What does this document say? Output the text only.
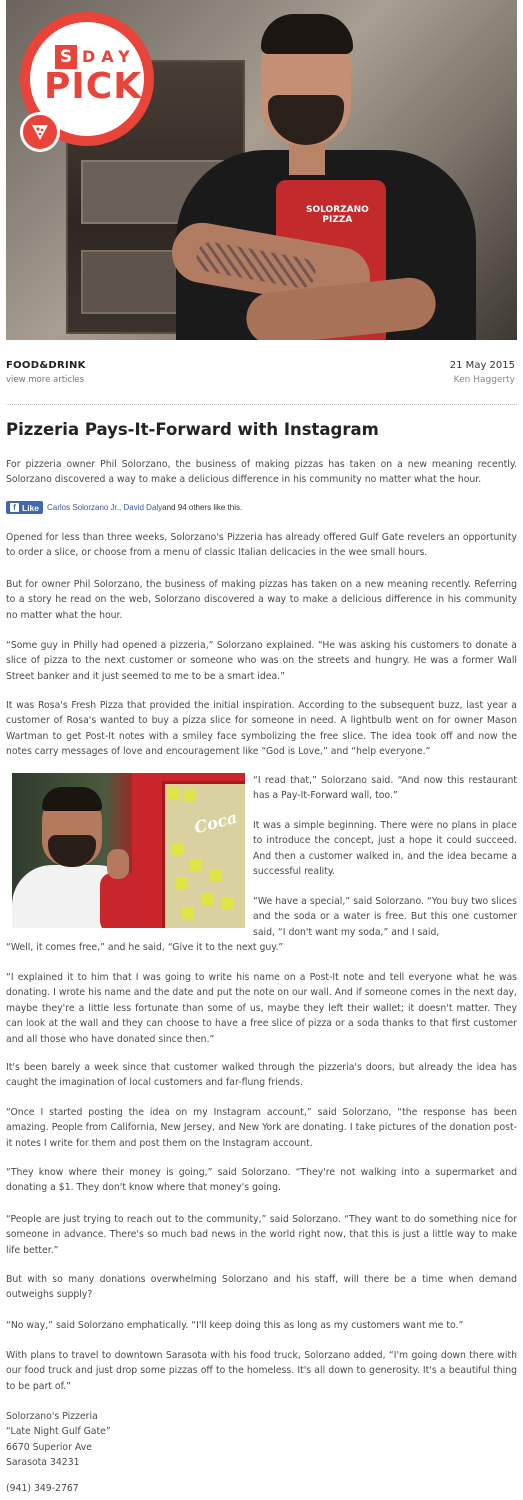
SOLORZANO
PIZZA
S DAY
PICK
FOOD&DRINK
view more articles
21 May 2015
Ken Haggerty
Pizzeria Pays-It-Forward with Instagram

For pizzeria owner Phil Solorzano, the business of making pizzas has taken on a new meaning recently. Solorzano discovered a way to make a delicious difference in his community no matter what the hour.

f Like Carlos Solorzano Jr., David Daly and 94 others like this.

Opened for less than three weeks, Solorzano's Pizzeria has already offered Gulf Gate revelers an opportunity to order a slice, or choose from a menu of classic Italian delicacies in the wee small hours.

But for owner Phil Solorzano, the business of making pizzas has taken on a new meaning recently. Referring to a story he read on the web, Solorzano discovered a way to make a delicious difference in his community no matter what the hour.

“Some guy in Philly had opened a pizzeria,” Solorzano explained. “He was asking his customers to donate a slice of pizza to the next customer or someone who was on the streets and hungry. He was a former Wall Street banker and it just seemed to me to be a smart idea.”

It was Rosa's Fresh Pizza that provided the initial inspiration. According to the subsequent buzz, last year a customer of Rosa's wanted to buy a pizza slice for someone in need. A lightbulb went on for owner Mason Wartman to get Post-It notes with a smiley face symbolizing the free slice. The idea took off and now the notes carry messages of love and encouragement like “God is Love,” and “help everyone.”

Coca

“I read that,” Solorzano said. “And now this restaurant has a Pay-It-Forward wall, too.”

It was a simple beginning. There were no plans in place to introduce the concept, just a hope it could succeed. And then a customer walked in, and the idea became a successful reality.

“We have a special,” said Solorzano. “You buy two slices and the soda or a water is free. But this one customer said, “I don't want my soda,” and I said,

“Well, it comes free,” and he said, “Give it to the next guy.”

“I explained it to him that I was going to write his name on a Post-It note and tell everyone what he was donating. I wrote his name and the date and put the note on our wall. And if someone comes in the next day, maybe they're a little less fortunate than some of us, maybe they left their wallet; it doesn't matter. They can look at the wall and they can choose to have a free slice of pizza or a soda thanks to that first customer and all those who have donated since then.”

It's been barely a week since that customer walked through the pizzeria's doors, but already the idea has caught the imagination of local customers and far-flung friends.

“Once I started posting the idea on my Instagram account,” said Solorzano, “the response has been amazing. People from California, New Jersey, and New York are donating. I take pictures of the donation post-it notes I write for them and post them on the Instagram account.

“They know where their money is going,” said Solorzano. “They're not walking into a supermarket and donating a $1. They don't know where that money's going.

“People are just trying to reach out to the community,” said Solorzano. “They want to do something nice for someone in advance. There's so much bad news in the world right now, that this is just a little way to make life better.”

But with so many donations overwhelming Solorzano and his staff, will there be a time when demand outweighs supply?

“No way,” said Solorzano emphatically. “I'll keep doing this as long as my customers want me to.”

With plans to travel to downtown Sarasota with his food truck, Solorzano added, “I'm going down there with our food truck and just drop some pizzas off to the homeless. It's all down to generosity. It's a beautiful thing to be part of.”

Solorzano's Pizzeria
“Late Night Gulf Gate”
6670 Superior Ave
Sarasota 34231

(941) 349-2767
